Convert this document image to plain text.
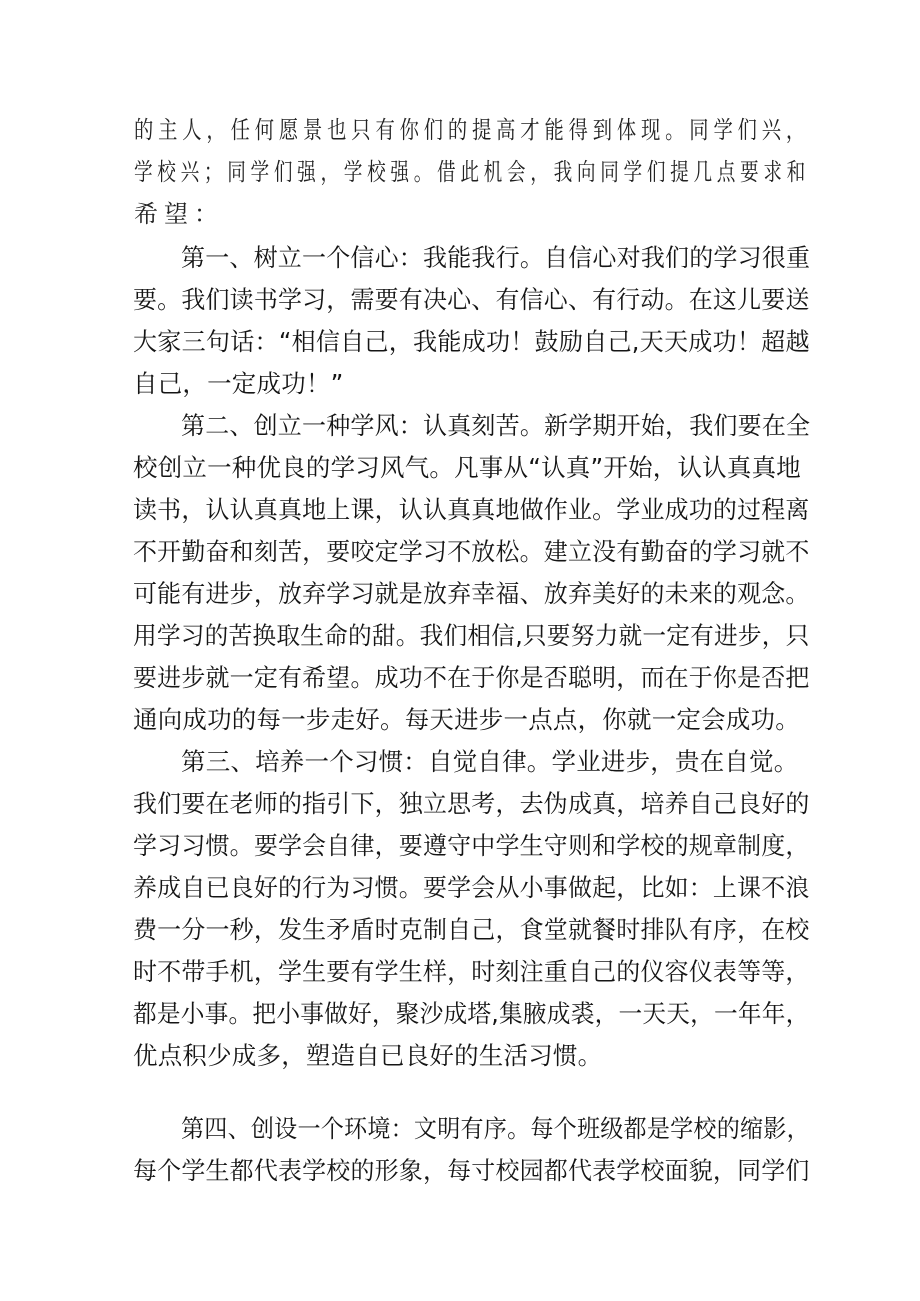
的主人，任何愿景也只有你们的提高才能得到体现。同学们兴，
学校兴；同学们强，学校强。借此机会，我向同学们提几点要求和
希望：
第一、树立一个信心：我能我行。自信心对我们的学习很重
要。我们读书学习，需要有决心、有信心、有行动。在这儿要送
大家三句话：“相信自己，我能成功！鼓励自己,天天成功！超越
自己，一定成功！”
第二、创立一种学风：认真刻苦。新学期开始，我们要在全
校创立一种优良的学习风气。凡事从“认真”开始，认认真真地
读书，认认真真地上课，认认真真地做作业。学业成功的过程离
不开勤奋和刻苦，要咬定学习不放松。建立没有勤奋的学习就不
可能有进步，放弃学习就是放弃幸福、放弃美好的未来的观念。
用学习的苦换取生命的甜。我们相信,只要努力就一定有进步，只
要进步就一定有希望。成功不在于你是否聪明，而在于你是否把
通向成功的每一步走好。每天进步一点点，你就一定会成功。
第三、培养一个习惯：自觉自律。学业进步，贵在自觉。
我们要在老师的指引下，独立思考，去伪成真，培养自己良好的
学习习惯。要学会自律，要遵守中学生守则和学校的规章制度，
养成自已良好的行为习惯。要学会从小事做起，比如：上课不浪
费一分一秒，发生矛盾时克制自己，食堂就餐时排队有序，在校
时不带手机，学生要有学生样，时刻注重自己的仪容仪表等等，
都是小事。把小事做好，聚沙成塔,集腋成裘，一天天，一年年，
优点积少成多，塑造自已良好的生活习惯。
第四、创设一个环境：文明有序。每个班级都是学校的缩影，
每个学生都代表学校的形象，每寸校园都代表学校面貌，同学们
